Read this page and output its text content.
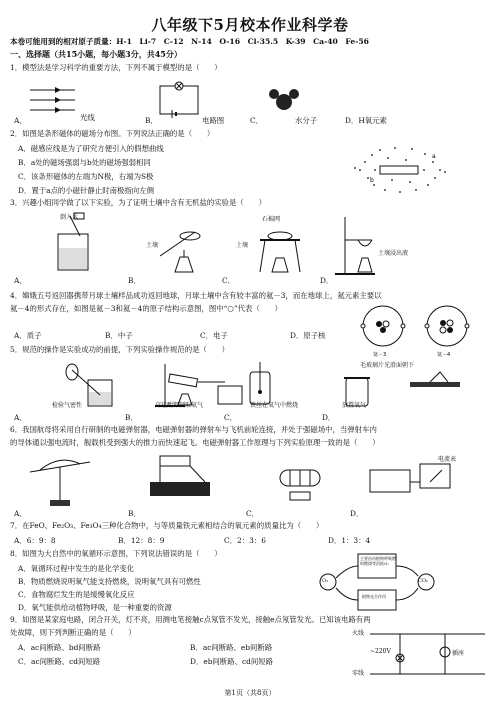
八年级下5月校本作业科学卷
本卷可能用到的相对原子质量：H-1　Li-7　C-12　N-14　O-16　Cl-35.5　K-39　Ca-40　Fe-56
一、选择题（共15小题，每小题3分，共45分）
1．模型法是学习科学的重要方法，下列不属于模型的是（　　）
A．	光线	B．	电路图	C．	水分子	D．H氧元素
2．如图是条形磁体的磁场分布图。下列说法正确的是（　　）
A．磁感应线是为了研究方便引入的假想曲线
B．a处的磁场强弱与b处的磁场强弱相同
C．该条形磁体的左端为N极，右端为S极
D．置于a点的小磁针静止时南极指向左侧
a
b
3．兴趣小组同学做了以下实验，为了证明土壤中含有无机盐的实验是（　　）
倒入水
土壤
石棉网
土壤
土壤浸出液
A．	B．	C．	D．
4．嫦娥五号返回器携带月球土壤样品成功返回地球，月球土壤中含有较丰富的氦－3，而在地球上，氦元素主要以
氦－4的形式存在，如图是氦－3和氦－4的原子结构示意图，图中“○”代表（　　）
A．质子	B．中子	C．电子	D．原子核
氦－3	氦－4
5．规范的操作是实验成功的前提，下列实验操作规范的是（　　）
毛玻璃片光滑面朝下
检验气密性	高锰酸钾制取氧气	铁丝在氧气中燃烧	放置氧气
A．	B．	C．	D．
6．我国航母将采用自行研制的电磁弹射器，电磁弹射器的弹射车与飞机前轮连接，并处于强磁场中，当弹射车内
的导体通以强电流时，舰载机受到强大的推力而快速起飞。电磁弹射器工作原理与下列实验原理一致的是（　　）
电流表
A．	B．	C．	D．
7．在FeO、Fe₂O₃、Fe₃O₄三种化合物中，与等质量铁元素相结合的氧元素的质量比为（　　）
A．6：9：8	B．12：8：9	C．2：3：6	D．1：3：4
8．如图为大自然中的氧循环示意图，下列说法错误的是（　　）
A．氧循环过程中发生的是化学变化
B．物质燃烧说明氧气能支持燃烧，说明氧气具有可燃性
C．食物腐烂发生的是缓慢氧化反应
D．氧气能供给动植物呼吸，是一种重要的资源
主要由动植物呼吸燃料燃烧等消耗O₂
O₂	CO₂
植物光合作用
9．如图是某家庭电路，闭合开关，灯不亮，用测电笔接触c点氖管不发光，接触e点氖管发光。已知该电路有两
处故障，则下列判断正确的是（　　）
A．ac间断路、bd间断路	B．ac间断路、eb间断路
C．ac间断路、cd间短路	D．eb间断路、cd间短路
火线
零线
~220V	插座
第1页（共8页）
